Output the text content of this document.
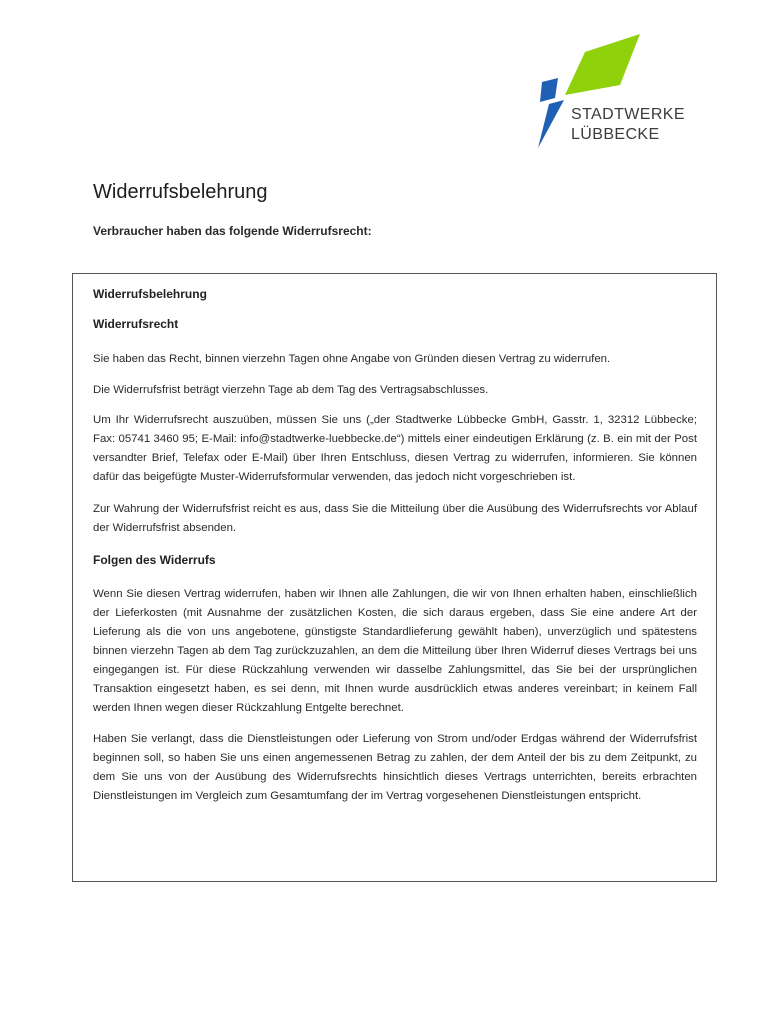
STADTWERKE
LÜBBECKE
Widerrufsbelehrung
Verbraucher haben das folgende Widerrufsrecht:
Widerrufsbelehrung
Widerrufsrecht

Sie haben das Recht, binnen vierzehn Tagen ohne Angabe von Gründen diesen Vertrag zu widerrufen.

Die Widerrufsfrist beträgt vierzehn Tage ab dem Tag des Vertragsabschlusses.

Um Ihr Widerrufsrecht auszuüben, müssen Sie uns („der Stadtwerke Lübbecke GmbH, Gasstr. 1, 32312 Lübbecke; Fax: 05741 3460 95; E-Mail: info@stadtwerke-luebbecke.de“) mittels einer eindeutigen Erklärung (z. B. ein mit der Post versandter Brief, Telefax oder E-Mail) über Ihren Entschluss, diesen Vertrag zu widerrufen, informieren. Sie können dafür das beigefügte Muster-Widerrufsformular verwenden, das jedoch nicht vorgeschrieben ist.

Zur Wahrung der Widerrufsfrist reicht es aus, dass Sie die Mitteilung über die Ausübung des Widerrufsrechts vor Ablauf der Widerrufsfrist absenden.

Folgen des Widerrufs

Wenn Sie diesen Vertrag widerrufen, haben wir Ihnen alle Zahlungen, die wir von Ihnen erhalten haben, einschließlich der Lieferkosten (mit Ausnahme der zusätzlichen Kosten, die sich daraus ergeben, dass Sie eine andere Art der Lieferung als die von uns angebotene, günstigste Standardlieferung gewählt haben), unverzüglich und spätestens binnen vierzehn Tagen ab dem Tag zurückzuzahlen, an dem die Mitteilung über Ihren Widerruf dieses Vertrags bei uns eingegangen ist. Für diese Rückzahlung verwenden wir dasselbe Zahlungsmittel, das Sie bei der ursprünglichen Transaktion eingesetzt haben, es sei denn, mit Ihnen wurde ausdrücklich etwas anderes vereinbart; in keinem Fall werden Ihnen wegen dieser Rückzahlung Entgelte berechnet.

Haben Sie verlangt, dass die Dienstleistungen oder Lieferung von Strom und/oder Erdgas während der Widerrufsfrist beginnen soll, so haben Sie uns einen angemessenen Betrag zu zahlen, der dem Anteil der bis zu dem Zeitpunkt, zu dem Sie uns von der Ausübung des Widerrufsrechts hinsichtlich dieses Vertrags unterrichten, bereits erbrachten Dienstleistungen im Vergleich zum Gesamtumfang der im Vertrag vorgesehenen Dienstleistungen entspricht.
